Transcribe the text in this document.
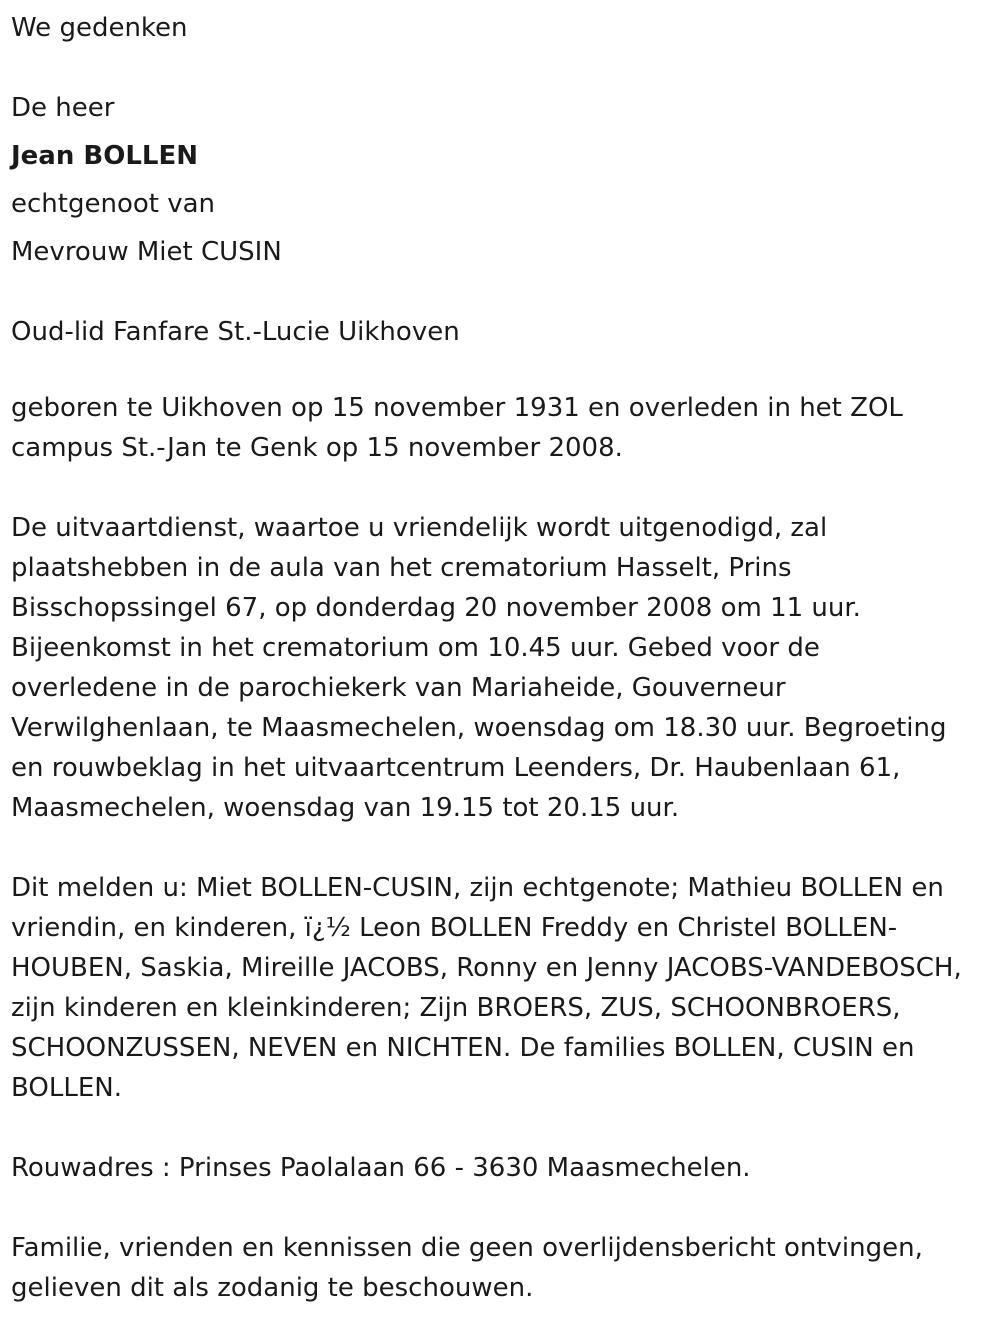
We gedenken

De heer

Jean BOLLEN

echtgenoot van

Mevrouw Miet CUSIN

Oud-lid Fanfare St.-Lucie Uikhoven

geboren te Uikhoven op 15 november 1931 en overleden in het ZOL campus St.-Jan te Genk op 15 november 2008.

De uitvaartdienst, waartoe u vriendelijk wordt uitgenodigd, zal plaatshebben in de aula van het crematorium Hasselt, Prins Bisschopssingel 67, op donderdag 20 november 2008 om 11 uur. Bijeenkomst in het crematorium om 10.45 uur. Gebed voor de overledene in de parochiekerk van Mariaheide, Gouverneur Verwilghenlaan, te Maasmechelen, woensdag om 18.30 uur. Begroeting en rouwbeklag in het uitvaartcentrum Leenders, Dr. Haubenlaan 61, Maasmechelen, woensdag van 19.15 tot 20.15 uur.

Dit melden u: Miet BOLLEN-CUSIN, zijn echtgenote; Mathieu BOLLEN en vriendin, en kinderen, ï¿½ Leon BOLLEN Freddy en Christel BOLLEN-HOUBEN, Saskia, Mireille JACOBS, Ronny en Jenny JACOBS-VANDEBOSCH, zijn kinderen en kleinkinderen; Zijn BROERS, ZUS, SCHOONBROERS, SCHOONZUSSEN, NEVEN en NICHTEN. De families BOLLEN, CUSIN en BOLLEN.

Rouwadres : Prinses Paolalaan 66 - 3630 Maasmechelen.

Familie, vrienden en kennissen die geen overlijdensbericht ontvingen, gelieven dit als zodanig te beschouwen.
